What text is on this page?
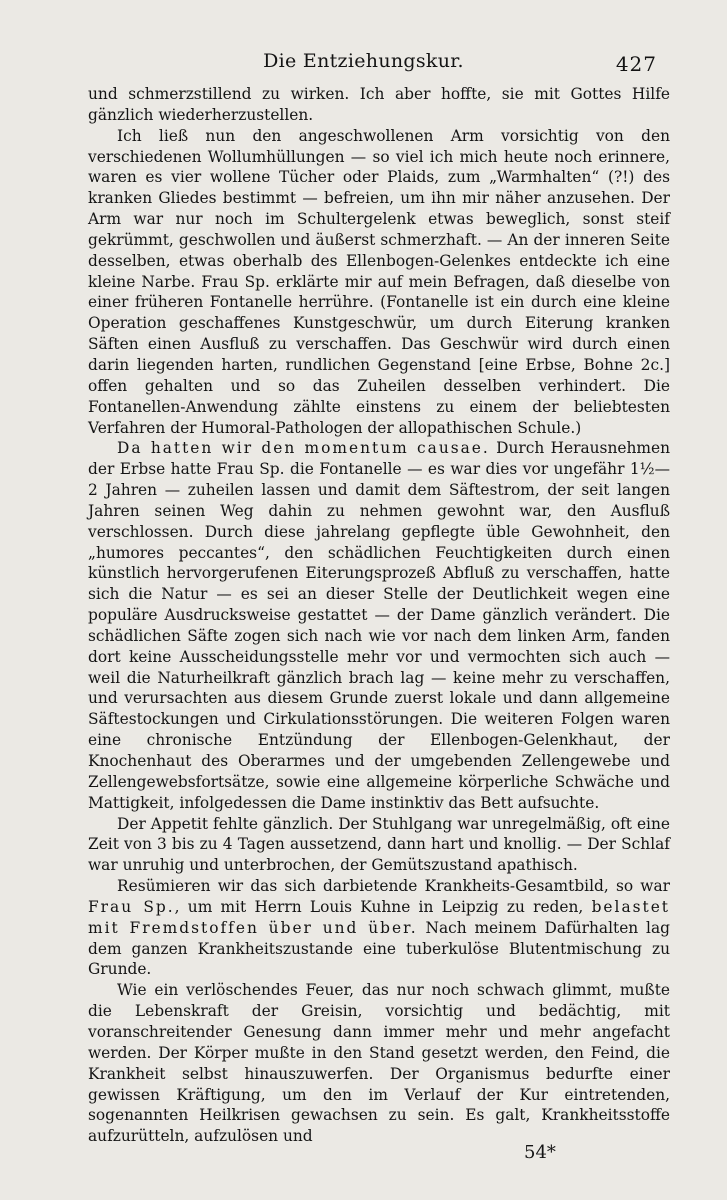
Die Entziehungskur.	427

und schmerzstillend zu wirken. Ich aber hoffte, sie mit Gottes Hilfe gänzlich wiederherzustellen.

Ich ließ nun den angeschwollenen Arm vorsichtig von den verschiedenen Wollumhüllungen — so viel ich mich heute noch erinnere, waren es vier wollene Tücher oder Plaids, zum „Warmhalten“ (?!) des kranken Gliedes bestimmt — befreien, um ihn mir näher anzusehen. Der Arm war nur noch im Schultergelenk etwas beweglich, sonst steif gekrümmt, geschwollen und äußerst schmerzhaft. — An der inneren Seite desselben, etwas oberhalb des Ellenbogen-Gelenkes entdeckte ich eine kleine Narbe. Frau Sp. erklärte mir auf mein Befragen, daß dieselbe von einer früheren Fontanelle herrühre. (Fontanelle ist ein durch eine kleine Operation geschaffenes Kunstgeschwür, um durch Eiterung kranken Säften einen Ausfluß zu verschaffen. Das Geschwür wird durch einen darin liegenden harten, rundlichen Gegenstand [eine Erbse, Bohne 2c.] offen gehalten und so das Zuheilen desselben verhindert. Die Fontanellen-Anwendung zählte einstens zu einem der beliebtesten Verfahren der Humoral-Pathologen der allopathischen Schule.)

Da hatten wir den momentum causae. Durch Herausnehmen der Erbse hatte Frau Sp. die Fontanelle — es war dies vor ungefähr 1½—2 Jahren — zuheilen lassen und damit dem Säftestrom, der seit langen Jahren seinen Weg dahin zu nehmen gewohnt war, den Ausfluß verschlossen. Durch diese jahrelang gepflegte üble Gewohnheit, den „humores peccantes“, den schädlichen Feuchtigkeiten durch einen künstlich hervorgerufenen Eiterungsprozeß Abfluß zu verschaffen, hatte sich die Natur — es sei an dieser Stelle der Deutlichkeit wegen eine populäre Ausdrucksweise gestattet — der Dame gänzlich verändert. Die schädlichen Säfte zogen sich nach wie vor nach dem linken Arm, fanden dort keine Ausscheidungsstelle mehr vor und vermochten sich auch — weil die Naturheilkraft gänzlich brach lag — keine mehr zu verschaffen, und verursachten aus diesem Grunde zuerst lokale und dann allgemeine Säftestockungen und Cirkulationsstörungen. Die weiteren Folgen waren eine chronische Entzündung der Ellenbogen-Gelenkhaut, der Knochenhaut des Oberarmes und der umgebenden Zellengewebe und Zellengewebsfortsätze, sowie eine allgemeine körperliche Schwäche und Mattigkeit, infolgedessen die Dame instinktiv das Bett aufsuchte.

Der Appetit fehlte gänzlich. Der Stuhlgang war unregelmäßig, oft eine Zeit von 3 bis zu 4 Tagen aussetzend, dann hart und knollig. — Der Schlaf war unruhig und unterbrochen, der Gemütszustand apathisch.

Resümieren wir das sich darbietende Krankheits-Gesamtbild, so war Frau Sp., um mit Herrn Louis Kuhne in Leipzig zu reden, belastet mit Fremdstoffen über und über. Nach meinem Dafürhalten lag dem ganzen Krankheitszustande eine tuberkulöse Blutentmischung zu Grunde.

Wie ein verlöschendes Feuer, das nur noch schwach glimmt, mußte die Lebenskraft der Greisin, vorsichtig und bedächtig, mit voranschreitender Genesung dann immer mehr und mehr angefacht werden. Der Körper mußte in den Stand gesetzt werden, den Feind, die Krankheit selbst hinauszuwerfen. Der Organismus bedurfte einer gewissen Kräftigung, um den im Verlauf der Kur eintretenden, sogenannten Heilkrisen gewachsen zu sein. Es galt, Krankheitsstoffe aufzurütteln, aufzulösen und

54*
